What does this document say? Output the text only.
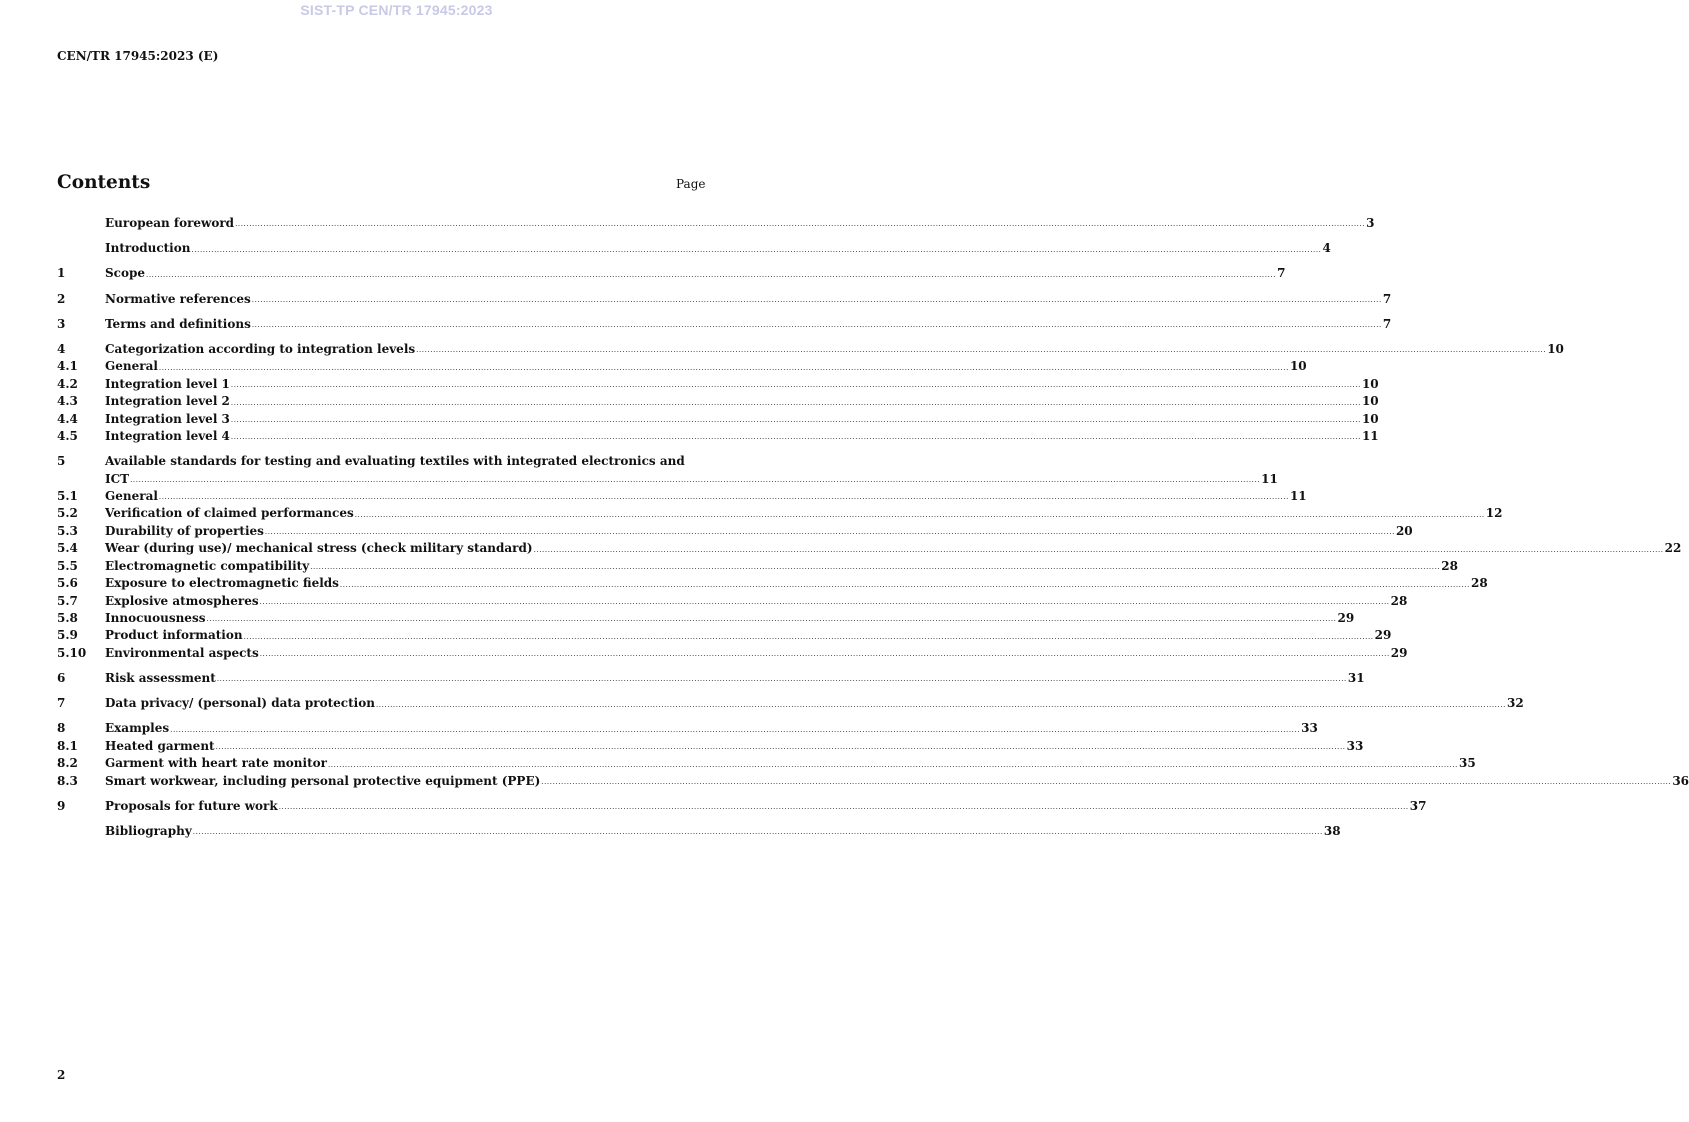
SIST-TP CEN/TR 17945:2023
CEN/TR 17945:2023 (E)
Contents	Page
European foreword ................................................................................................................................................................................................................................................................................................................................................................................................................ 3
Introduction ................................................................................................................................................................................................................................................................................................................................................................................................................ 4
1	Scope ................................................................................................................................................................................................................................................................................................................................................................................................................ 7
2	Normative references ................................................................................................................................................................................................................................................................................................................................................................................................................ 7
3	Terms and definitions ................................................................................................................................................................................................................................................................................................................................................................................................................ 7
4	Categorization according to integration levels ................................................................................................................................................................................................................................................................................................................................................................................................................ 10
4.1	General ................................................................................................................................................................................................................................................................................................................................................................................................................ 10
4.2	Integration level 1 ................................................................................................................................................................................................................................................................................................................................................................................................................ 10
4.3	Integration level 2 ................................................................................................................................................................................................................................................................................................................................................................................................................ 10
4.4	Integration level 3 ................................................................................................................................................................................................................................................................................................................................................................................................................ 10
4.5	Integration level 4 ................................................................................................................................................................................................................................................................................................................................................................................................................ 11
5	Available standards for testing and evaluating textiles with integrated electronics and
ICT ................................................................................................................................................................................................................................................................................................................................................................................................................ 11
5.1	General ................................................................................................................................................................................................................................................................................................................................................................................................................ 11
5.2	Verification of claimed performances ................................................................................................................................................................................................................................................................................................................................................................................................................ 12
5.3	Durability of properties ................................................................................................................................................................................................................................................................................................................................................................................................................ 20
5.4	Wear (during use)/ mechanical stress (check military standard) ................................................................................................................................................................................................................................................................................................................................................................................................................ 22
5.5	Electromagnetic compatibility ................................................................................................................................................................................................................................................................................................................................................................................................................ 28
5.6	Exposure to electromagnetic fields ................................................................................................................................................................................................................................................................................................................................................................................................................ 28
5.7	Explosive atmospheres ................................................................................................................................................................................................................................................................................................................................................................................................................ 28
5.8	Innocuousness ................................................................................................................................................................................................................................................................................................................................................................................................................ 29
5.9	Product information ................................................................................................................................................................................................................................................................................................................................................................................................................ 29
5.10	Environmental aspects ................................................................................................................................................................................................................................................................................................................................................................................................................ 29
6	Risk assessment ................................................................................................................................................................................................................................................................................................................................................................................................................ 31
7	Data privacy/ (personal) data protection ................................................................................................................................................................................................................................................................................................................................................................................................................ 32
8	Examples ................................................................................................................................................................................................................................................................................................................................................................................................................ 33
8.1	Heated garment ................................................................................................................................................................................................................................................................................................................................................................................................................ 33
8.2	Garment with heart rate monitor ................................................................................................................................................................................................................................................................................................................................................................................................................ 35
8.3	Smart workwear, including personal protective equipment (PPE) ................................................................................................................................................................................................................................................................................................................................................................................................................ 36
9	Proposals for future work ................................................................................................................................................................................................................................................................................................................................................................................................................ 37
Bibliography ................................................................................................................................................................................................................................................................................................................................................................................................................ 38
2
